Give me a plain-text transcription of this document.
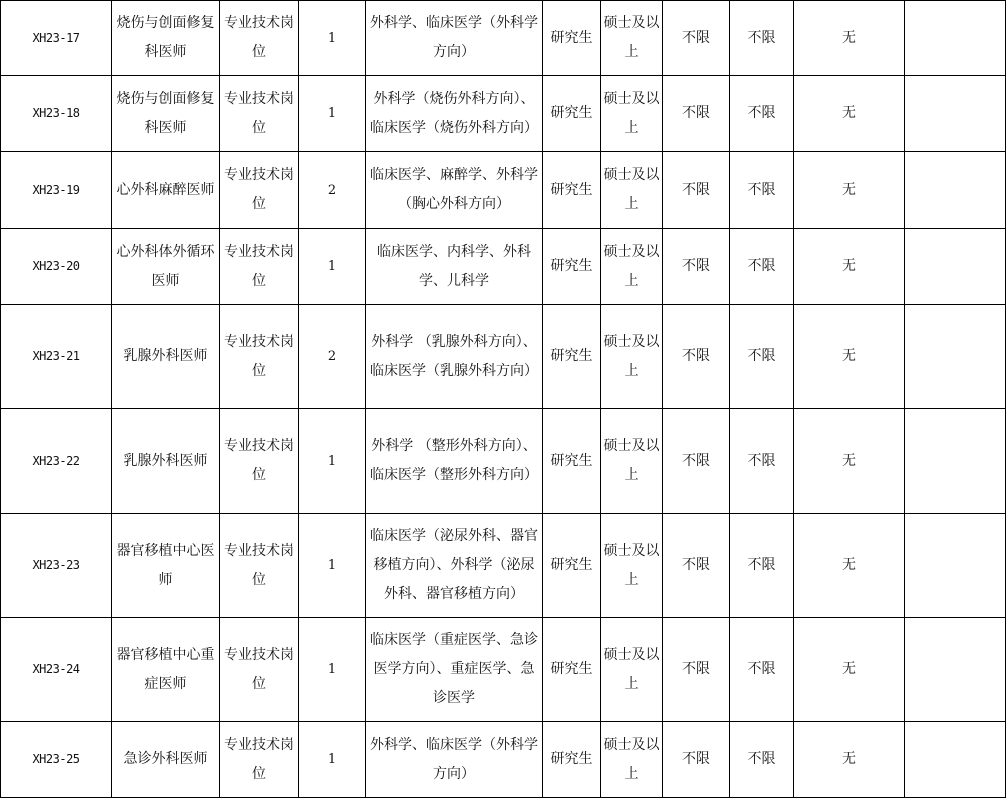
XH23-17	烧伤与创面修复科医师	专业技术岗位	1	外科学、临床医学（外科学方向）	研究生	硕士及以上	不限	不限	无	
XH23-18	烧伤与创面修复科医师	专业技术岗位	1	外科学（烧伤外科方向）、临床医学（烧伤外科方向）	研究生	硕士及以上	不限	不限	无	
XH23-19	心外科麻醉医师	专业技术岗位	2	临床医学、麻醉学、外科学（胸心外科方向）	研究生	硕士及以上	不限	不限	无	
XH23-20	心外科体外循环医师	专业技术岗位	1	临床医学、内科学、外科学、儿科学	研究生	硕士及以上	不限	不限	无	
XH23-21	乳腺外科医师	专业技术岗位	2	外科学 （乳腺外科方向）、临床医学（乳腺外科方向）	研究生	硕士及以上	不限	不限	无	
XH23-22	乳腺外科医师	专业技术岗位	1	外科学 （整形外科方向）、临床医学（整形外科方向）	研究生	硕士及以上	不限	不限	无	
XH23-23	器官移植中心医师	专业技术岗位	1	临床医学（泌尿外科、器官移植方向）、外科学（泌尿外科、器官移植方向）	研究生	硕士及以上	不限	不限	无	
XH23-24	器官移植中心重症医师	专业技术岗位	1	临床医学（重症医学、急诊医学方向）、重症医学、急诊医学	研究生	硕士及以上	不限	不限	无	
XH23-25	急诊外科医师	专业技术岗位	1	外科学、临床医学（外科学方向）	研究生	硕士及以上	不限	不限	无	
